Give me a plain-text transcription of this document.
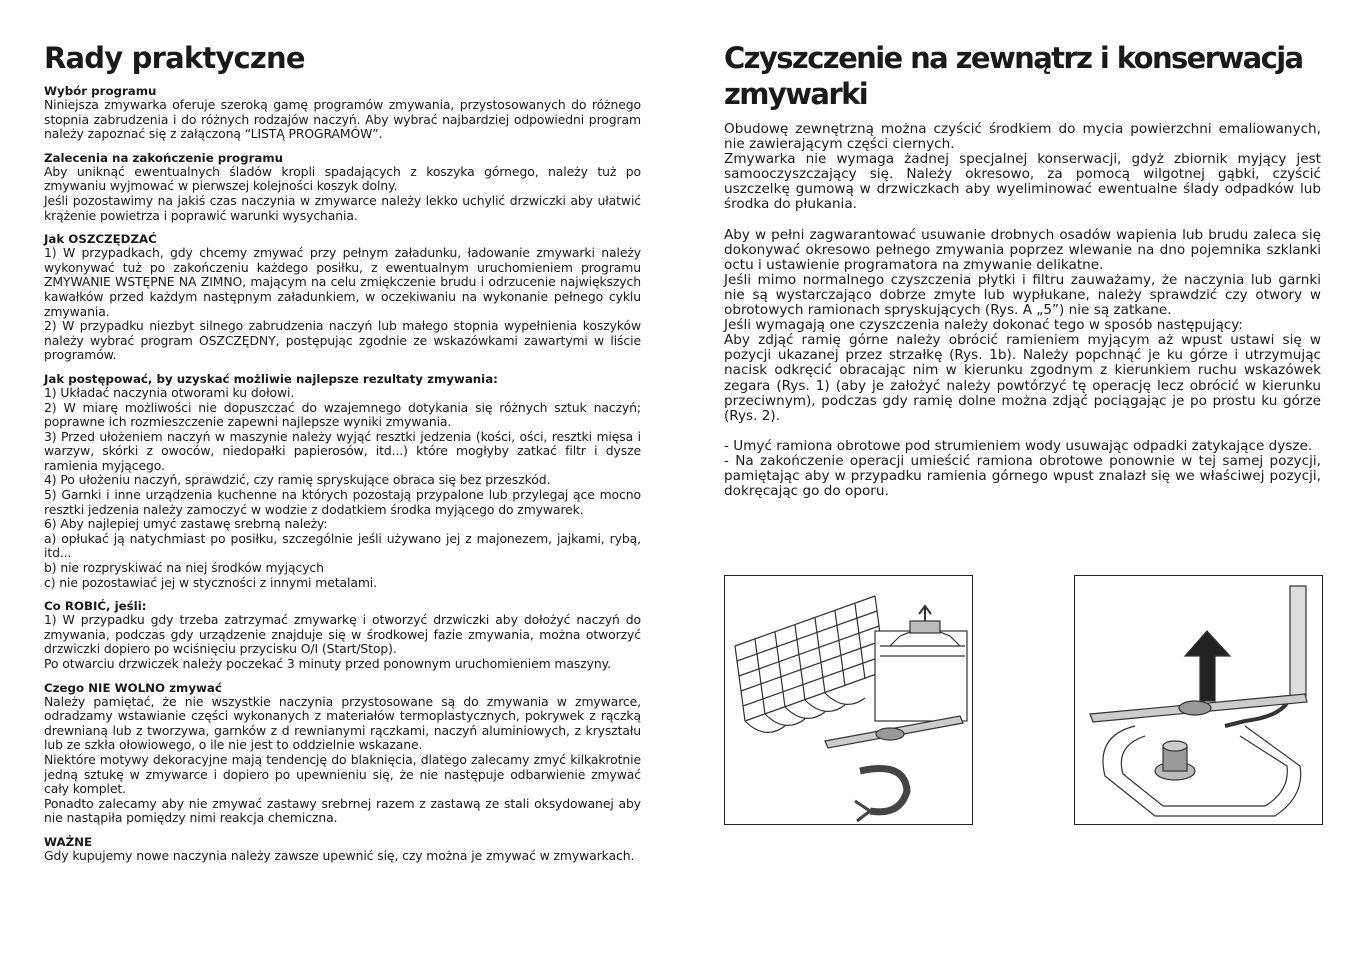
Rady praktyczne
Wybór programu

Niniejsza zmywarka oferuje szeroką gamę programów zmywania, przystosowanych do różnego stopnia zabrudzenia i do różnych rodzajów naczyń. Aby wybrać najbardziej odpowiedni program należy zapoznać się z załączoną “LISTĄ PROGRAMÓW”.

Zalecenia na zakończenie programu

Aby uniknąć ewentualnych śladów kropli spadających z koszyka górnego, należy tuż po zmywaniu wyjmować w pierwszej kolejności koszyk dolny.

Jeśli pozostawimy na jakiś czas naczynia w zmywarce należy lekko uchylić drzwiczki aby ułatwić krążenie powietrza i poprawić warunki wysychania.

Jak OSZCZĘDZAĆ

1) W przypadkach, gdy chcemy zmywać przy pełnym załadunku, ładowanie zmywarki należy wykonywać tuż po zakończeniu każdego posiłku, z ewentualnym uruchomieniem programu ZMYWANIE WSTĘPNE NA ZIMNO, mającym na celu zmiękczenie brudu i odrzucenie największych kawałków przed każdym następnym załadunkiem, w oczekiwaniu na wykonanie pełnego cyklu zmywania.

2) W przypadku niezbyt silnego zabrudzenia naczyń lub małego stopnia wypełnienia koszyków należy wybrać program OSZCZĘDNY, postępując zgodnie ze wskazówkami zawartymi w liście programów.

Jak postępować, by uzyskać możliwie najlepsze rezultaty zmywania:

1) Układać naczynia otworami ku dołowi.

2) W miarę możliwości nie dopuszczać do wzajemnego dotykania się różnych sztuk naczyń; poprawne ich rozmieszczenie zapewni najlepsze wyniki zmywania.

3) Przed ułożeniem naczyń w maszynie należy wyjąć resztki jedzenia (kości, ości, resztki mięsa i warzyw, skórki z owoców, niedopałki papierosów, itd...) które mogłyby zatkać filtr i dysze ramienia myjącego.

4) Po ułożeniu naczyń, sprawdzić, czy ramię spryskujące obraca się bez przeszkód.

5) Garnki i inne urządzenia kuchenne na których pozostają przypalone lub przylegaj ące mocno resztki jedzenia należy zamoczyć w wodzie z dodatkiem środka myjącego do zmywarek.

6) Aby najlepiej umyć zastawę srebrną należy:

a) opłukać ją natychmiast po posiłku, szczególnie jeśli używano jej z majonezem, jajkami, rybą, itd...

b) nie rozpryskiwać na niej środków myjących

c) nie pozostawiać jej w styczności z innymi metalami.

Co ROBIĆ, jeśli:

1) W przypadku gdy trzeba zatrzymać zmywarkę i otworzyć drzwiczki aby dołożyć naczyń do zmywania, podczas gdy urządzenie znajduje się w środkowej fazie zmywania, można otworzyć drzwiczki dopiero po wciśnięciu przycisku O/I (Start/Stop).

Po otwarciu drzwiczek należy poczekać 3 minuty przed ponownym uruchomieniem maszyny.

Czego NIE WOLNO zmywać

Należy pamiętać, że nie wszystkie naczynia przystosowane są do zmywania w zmywarce, odradzamy wstawianie części wykonanych z materiałów termoplastycznych, pokrywek z rączką drewnianą lub z tworzywa, garnków z d rewnianymi rączkami, naczyń aluminiowych, z kryształu lub ze szkła ołowiowego, o ile nie jest to oddzielnie wskazane.

Niektóre motywy dekoracyjne mają tendencję do blaknięcia, dlatego zalecamy zmyć kilkakrotnie jedną sztukę w zmywarce i dopiero po upewnieniu się, że nie następuje odbarwienie zmywać cały komplet.

Ponadto zalecamy aby nie zmywać zastawy srebrnej razem z zastawą ze stali oksydowanej aby nie nastąpiła pomiędzy nimi reakcja chemiczna.

WAŻNE

Gdy kupujemy nowe naczynia należy zawsze upewnić się, czy można je zmywać w zmywarkach.

Czyszczenie na zewnątrz i konserwacja zmywarki

Obudowę zewnętrzną można czyścić środkiem do mycia powierzchni emaliowanych, nie zawierającym części ciernych.

Zmywarka nie wymaga żadnej specjalnej konserwacji, gdyż zbiornik myjący jest samooczyszczający się. Należy okresowo, za pomocą wilgotnej gąbki, czyścić uszczelkę gumową w drzwiczkach aby wyeliminować ewentualne ślady odpadków lub środka do płukania.

Aby w pełni zagwarantować usuwanie drobnych osadów wapienia lub brudu zaleca się dokonywać okresowo pełnego zmywania poprzez wlewanie na dno pojemnika szklanki octu i ustawienie programatora na zmywanie delikatne.

Jeśli mimo normalnego czyszczenia płytki i filtru zauważamy, że naczynia lub garnki nie są wystarczająco dobrze zmyte lub wypłukane, należy sprawdzić czy otwory w obrotowych ramionach spryskujących (Rys. A „5”) nie są zatkane.

Jeśli wymagają one czyszczenia należy dokonać tego w sposób następujący:

Aby zdjąć ramię górne należy obrócić ramieniem myjącym aż wpust ustawi się w pozycji ukazanej przez strzałkę (Rys. 1b). Należy popchnąć je ku górze i utrzymując nacisk odkręcić obracając nim w kierunku zgodnym z kierunkiem ruchu wskazówek zegara (Rys. 1) (aby je założyć należy powtórzyć tę operację lecz obrócić w kierunku przeciwnym), podczas gdy ramię dolne można zdjąć pociągając je po prostu ku górze (Rys. 2).

- Umyć ramiona obrotowe pod strumieniem wody usuwając odpadki zatykające dysze.

- Na zakończenie operacji umieścić ramiona obrotowe ponownie w tej samej pozycji, pamiętając aby w przypadku ramienia górnego wpust znalazł się we właściwej pozycji, dokręcając go do oporu.
